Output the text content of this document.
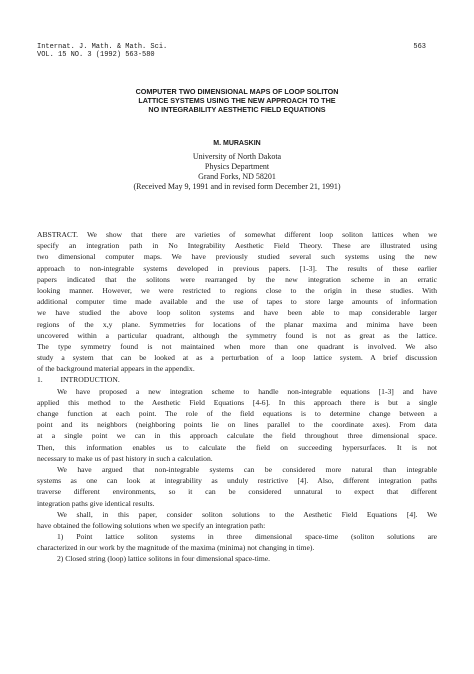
Internat. J. Math. & Math. Sci.
VOL. 15 NO. 3 (1992) 563-580
563
COMPUTER TWO DIMENSIONAL MAPS OF LOOP SOLITON
LATTICE SYSTEMS USING THE NEW APPROACH TO THE
NO INTEGRABILITY AESTHETIC FIELD EQUATIONS
M. MURASKIN
University of North Dakota
Physics Department
Grand Forks, ND 58201
(Received May 9, 1991 and in revised form December 21, 1991)
ABSTRACT. We show that there are varieties of somewhat different loop soliton lattices when we
specify an integration path in No Integrability Aesthetic Field Theory. These are illustrated using
two dimensional computer maps. We have previously studied several such systems using the new
approach to non-integrable systems developed in previous papers. [1-3]. The results of these earlier
papers indicated that the solitons were rearranged by the new integration scheme in an erratic
looking manner. However, we were restricted to regions close to the origin in these studies. With
additional computer time made available and the use of tapes to store large amounts of information
we have studied the above loop soliton systems and have been able to map considerable larger
regions of the x,y plane. Symmetries for locations of the planar maxima and minima have been
uncovered within a particular quadrant, although the symmetry found is not as great as the lattice.
The type symmetry found is not maintained when more than one quadrant is involved. We also
study a system that can be looked at as a perturbation of a loop lattice system. A brief discussion
of the background material appears in the appendix.
1. INTRODUCTION.
We have proposed a new integration scheme to handle non-integrable equations [1-3] and have
applied this method to the Aesthetic Field Equations [4-6]. In this approach there is but a single
change function at each point. The role of the field equations is to determine change between a
point and its neighbors (neighboring points lie on lines parallel to the coordinate axes). From data
at a single point we can in this approach calculate the field throughout three dimensional space.
Then, this information enables us to calculate the field on succeeding hypersurfaces. It is not
necessary to make us of past history in such a calculation.
We have argued that non-integrable systems can be considered more natural than integrable
systems as one can look at integrability as unduly restrictive [4]. Also, different integration paths
traverse different environments, so it can be considered unnatural to expect that different
integration paths give identical results.
We shall, in this paper, consider soliton solutions to the Aesthetic Field Equations [4]. We
have obtained the following solutions when we specify an integration path:
1) Point lattice soliton systems in three dimensional space-time (soliton solutions are
characterized in our work by the magnitude of the maxima (minima) not changing in time).
2) Closed string (loop) lattice solitons in four dimensional space-time.
